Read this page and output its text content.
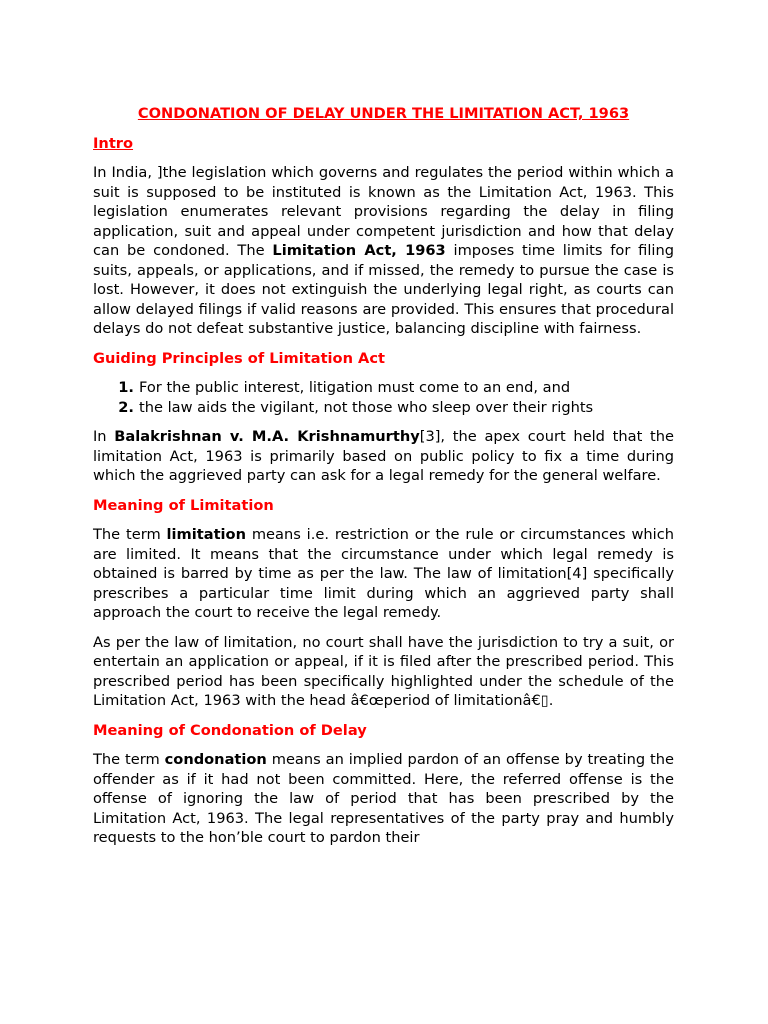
CONDONATION OF DELAY UNDER THE LIMITATION ACT, 1963
Intro

In India, ]the legislation which governs and regulates the period within which a suit is supposed to be instituted is known as the Limitation Act, 1963. This legislation enumerates relevant provisions regarding the delay in filing application, suit and appeal under competent jurisdiction and how that delay can be condoned. The Limitation Act, 1963 imposes time limits for filing suits, appeals, or applications, and if missed, the remedy to pursue the case is lost. However, it does not extinguish the underlying legal right, as courts can allow delayed filings if valid reasons are provided. This ensures that procedural delays do not defeat substantive justice, balancing discipline with fairness.

Guiding Principles of Limitation Act
1. For the public interest, litigation must come to an end, and
2. the law aids the vigilant, not those who sleep over their rights

In Balakrishnan v. M.A. Krishnamurthy[3], the apex court held that the limitation Act, 1963 is primarily based on public policy to fix a time during which the aggrieved party can ask for a legal remedy for the general welfare.

Meaning of Limitation

The term limitation means i.e. restriction or the rule or circumstances which are limited. It means that the circumstance under which legal remedy is obtained is barred by time as per the law. The law of limitation[4] specifically prescribes a particular time limit during which an aggrieved party shall approach the court to receive the legal remedy.

As per the law of limitation, no court shall have the jurisdiction to try a suit, or entertain an application or appeal, if it is filed after the prescribed period. This prescribed period has been specifically highlighted under the schedule of the Limitation Act, 1963 with the head â€œperiod of limitationâ€▯.

Meaning of Condonation of Delay

The term condonation means an implied pardon of an offense by treating the offender as if it had not been committed. Here, the referred offense is the offense of ignoring the law of period that has been prescribed by the Limitation Act, 1963. The legal representatives of the party pray and humbly requests to the hon’ble court to pardon their
